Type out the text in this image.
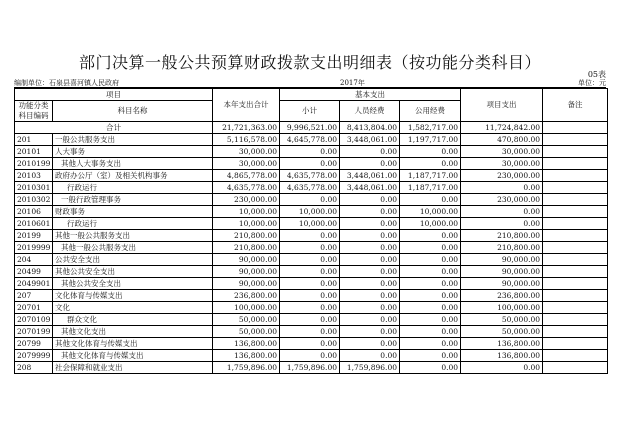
部门决算一般公共预算财政拨款支出明细表（按功能分类科目）
05表
编制单位：石泉县喜河镇人民政府	2017年	单位：元
项目		本年支出合计	基本支出			项目支出	备注
功能分类科目编码	科目名称		小计	人员经费	公用经费		

合计		21,721,363.00	9,996,521.00	8,413,804.00	1,582,717.00	11,724,842.00	
201	一般公共服务支出	5,116,578.00	4,645,778.00	3,448,061.00	1,197,717.00	470,800.00	
20101	人大事务	30,000.00	0.00	0.00	0.00	30,000.00	
2010199	其他人大事务支出	30,000.00	0.00	0.00	0.00	30,000.00	
20103	政府办公厅（室）及相关机构事务	4,865,778.00	4,635,778.00	3,448,061.00	1,187,717.00	230,000.00	
2010301	行政运行	4,635,778.00	4,635,778.00	3,448,061.00	1,187,717.00	0.00	
2010302	一般行政管理事务	230,000.00	0.00	0.00	0.00	230,000.00	
20106	财政事务	10,000.00	10,000.00	0.00	10,000.00	0.00	
2010601	行政运行	10,000.00	10,000.00	0.00	10,000.00	0.00	
20199	其他一般公共服务支出	210,800.00	0.00	0.00	0.00	210,800.00	
2019999	其他一般公共服务支出	210,800.00	0.00	0.00	0.00	210,800.00	
204	公共安全支出	90,000.00	0.00	0.00	0.00	90,000.00	
20499	其他公共安全支出	90,000.00	0.00	0.00	0.00	90,000.00	
2049901	其他公共安全支出	90,000.00	0.00	0.00	0.00	90,000.00	
207	文化体育与传媒支出	236,800.00	0.00	0.00	0.00	236,800.00	
20701	文化	100,000.00	0.00	0.00	0.00	100,000.00	
2070109	群众文化	50,000.00	0.00	0.00	0.00	50,000.00	
2070199	其他文化支出	50,000.00	0.00	0.00	0.00	50,000.00	
20799	其他文化体育与传媒支出	136,800.00	0.00	0.00	0.00	136,800.00	
2079999	其他文化体育与传媒支出	136,800.00	0.00	0.00	0.00	136,800.00	
208	社会保障和就业支出	1,759,896.00	1,759,896.00	1,759,896.00	0.00	0.00	
